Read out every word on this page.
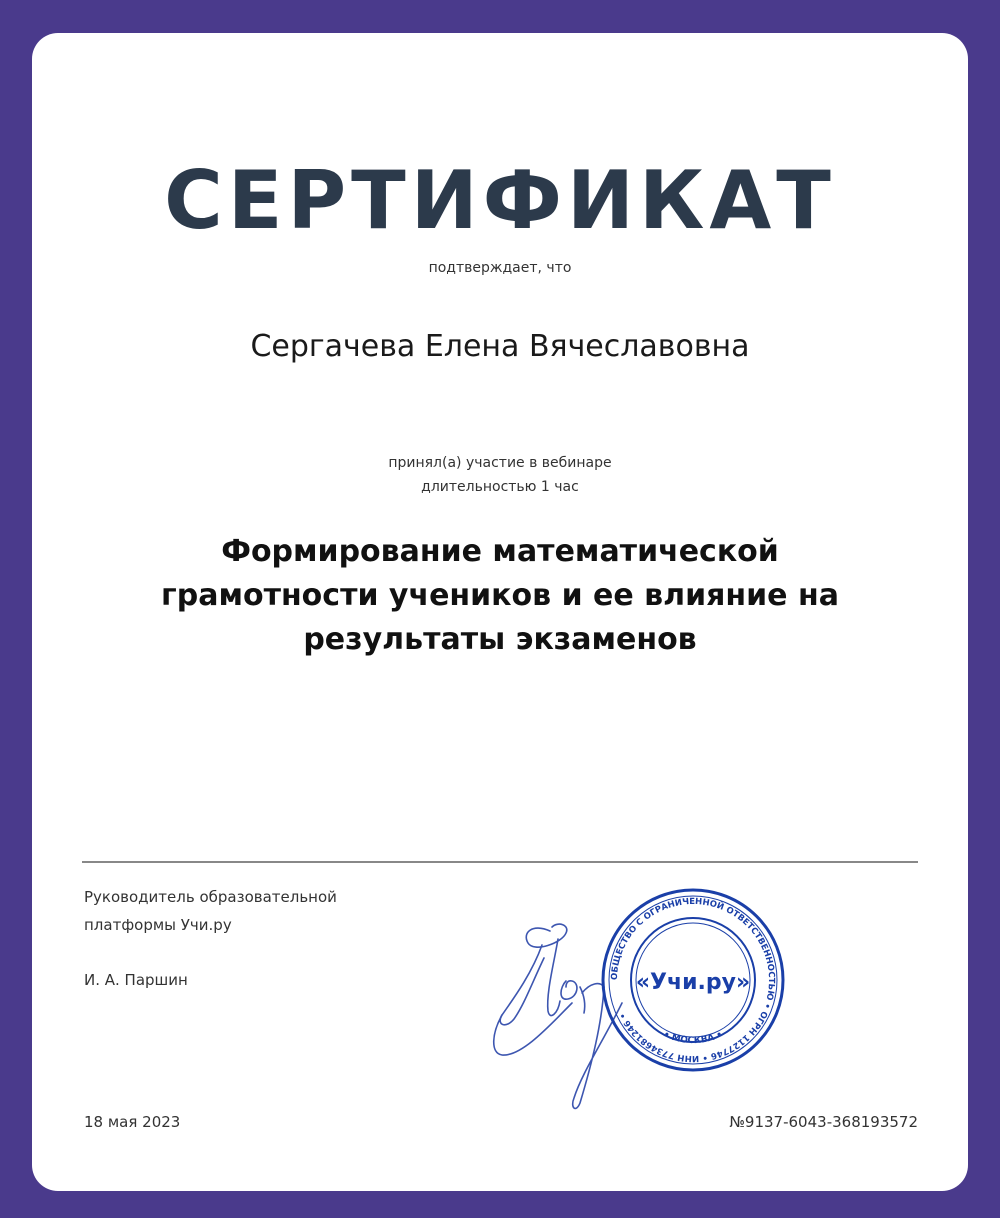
СЕРТИФИКАТ
подтверждает, что
Сергачева Елена Вячеславовна
принял(а) участие в вебинаре
длительностью 1 час
Формирование математической грамотности учеников и ее влияние на результаты экзаменов
Руководитель образовательной
платформы Учи.ру
И. А. Паршин	ОБЩЕСТВО С ОГРАНИЧЕННОЙ ОТВЕТСТВЕННОСТЬЮ • ОГРН 1127746 • ИНН 7734681246 •
• МОСКВА •
«Учи.ру»
18 мая 2023	№9137-6043-368193572
